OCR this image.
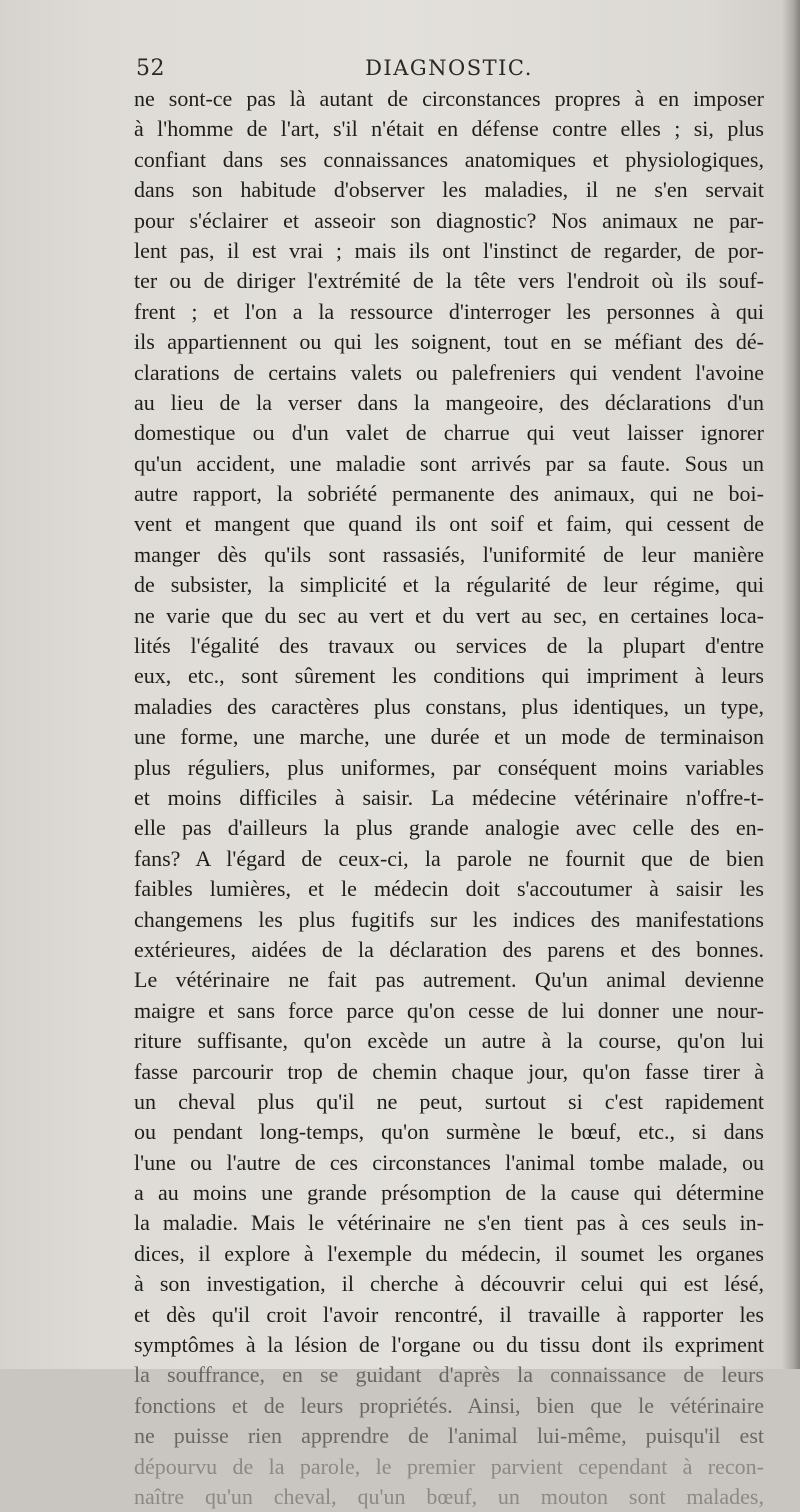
52	DIAGNOSTIC.
ne sont-ce pas là autant de circonstances propres à en imposer
à l'homme de l'art, s'il n'était en défense contre elles ; si, plus
confiant dans ses connaissances anatomiques et physiologiques,
dans son habitude d'observer les maladies, il ne s'en servait
pour s'éclairer et asseoir son diagnostic? Nos animaux ne par-
lent pas, il est vrai ; mais ils ont l'instinct de regarder, de por-
ter ou de diriger l'extrémité de la tête vers l'endroit où ils souf-
frent ; et l'on a la ressource d'interroger les personnes à qui
ils appartiennent ou qui les soignent, tout en se méfiant des dé-
clarations de certains valets ou palefreniers qui vendent l'avoine
au lieu de la verser dans la mangeoire, des déclarations d'un
domestique ou d'un valet de charrue qui veut laisser ignorer
qu'un accident, une maladie sont arrivés par sa faute. Sous un
autre rapport, la sobriété permanente des animaux, qui ne boi-
vent et mangent que quand ils ont soif et faim, qui cessent de
manger dès qu'ils sont rassasiés, l'uniformité de leur manière
de subsister, la simplicité et la régularité de leur régime, qui
ne varie que du sec au vert et du vert au sec, en certaines loca-
lités l'égalité des travaux ou services de la plupart d'entre
eux, etc., sont sûrement les conditions qui impriment à leurs
maladies des caractères plus constans, plus identiques, un type,
une forme, une marche, une durée et un mode de terminaison
plus réguliers, plus uniformes, par conséquent moins variables
et moins difficiles à saisir. La médecine vétérinaire n'offre-t-
elle pas d'ailleurs la plus grande analogie avec celle des en-
fans? A l'égard de ceux-ci, la parole ne fournit que de bien
faibles lumières, et le médecin doit s'accoutumer à saisir les
changemens les plus fugitifs sur les indices des manifestations
extérieures, aidées de la déclaration des parens et des bonnes.
Le vétérinaire ne fait pas autrement. Qu'un animal devienne
maigre et sans force parce qu'on cesse de lui donner une nour-
riture suffisante, qu'on excède un autre à la course, qu'on lui
fasse parcourir trop de chemin chaque jour, qu'on fasse tirer à
un cheval plus qu'il ne peut, surtout si c'est rapidement
ou pendant long-temps, qu'on surmène le bœuf, etc., si dans
l'une ou l'autre de ces circonstances l'animal tombe malade, ou
a au moins une grande présomption de la cause qui détermine
la maladie. Mais le vétérinaire ne s'en tient pas à ces seuls in-
dices, il explore à l'exemple du médecin, il soumet les organes
à son investigation, il cherche à découvrir celui qui est lésé,
et dès qu'il croit l'avoir rencontré, il travaille à rapporter les
symptômes à la lésion de l'organe ou du tissu dont ils expriment
la souffrance, en se guidant d'après la connaissance de leurs
fonctions et de leurs propriétés. Ainsi, bien que le vétérinaire
ne puisse rien apprendre de l'animal lui-même, puisqu'il est
dépourvu de la parole, le premier parvient cependant à recon-
naître qu'un cheval, qu'un bœuf, un mouton sont malades,
